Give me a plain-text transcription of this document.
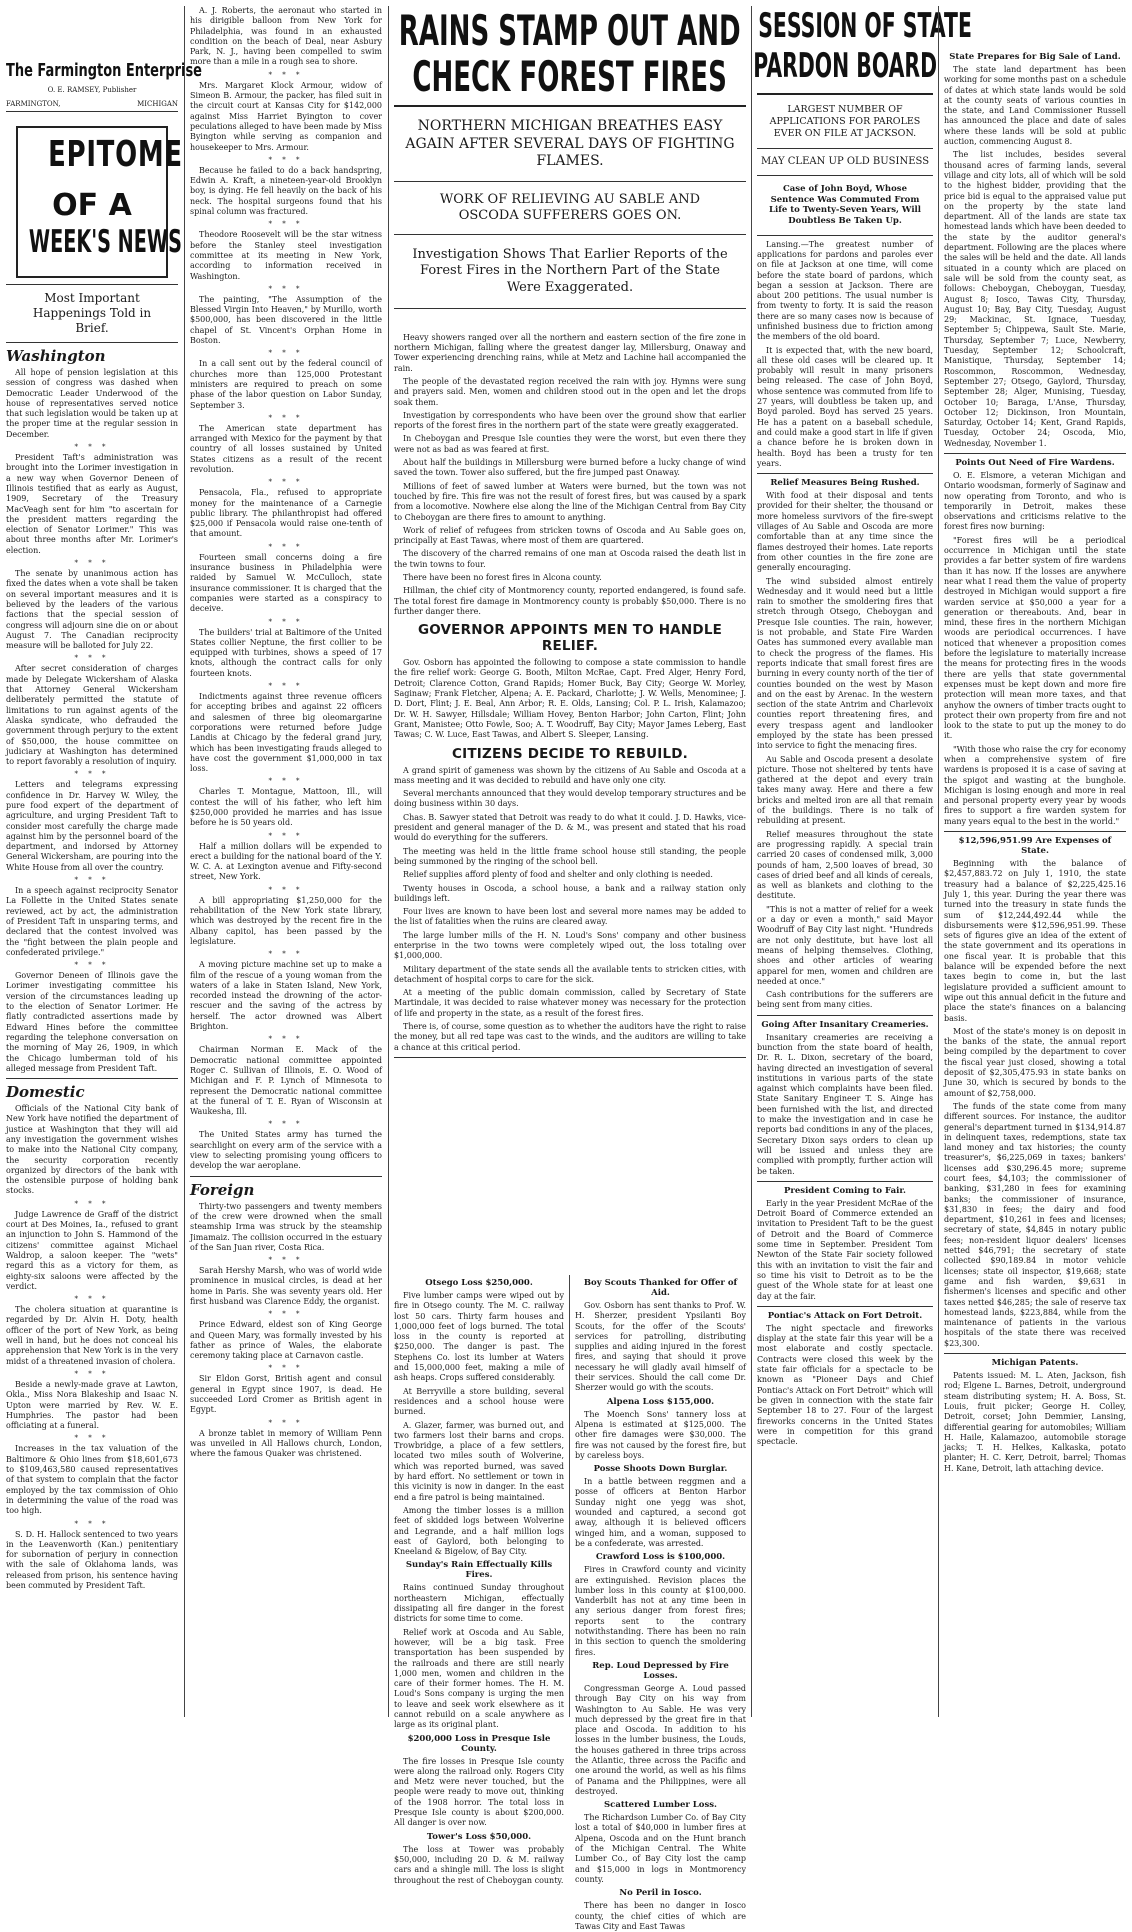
The Farmington Enterprise
O. E. RAMSEY, Publisher
FARMINGTON,	MICHIGAN
EPITOME
OF A
WEEK'S NEWS
Most Important Happenings Told in Brief.
Washington

All hope of pension legislation at this session of congress was dashed when Democratic Leader Underwood of the house of representatives served notice that such legislation would be taken up at the proper time at the regular session in December.

* * *

President Taft's administration was brought into the Lorimer investigation in a new way when Governor Deneen of Illinois testified that as early as August, 1909, Secretary of the Treasury MacVeagh sent for him "to ascertain for the president matters regarding the election of Senator Lorimer." This was about three months after Mr. Lorimer's election.

* * *

The senate by unanimous action has fixed the dates when a vote shall be taken on several important measures and it is believed by the leaders of the various factions that the special session of congress will adjourn sine die on or about August 7. The Canadian reciprocity measure will be balloted for July 22.

* * *

After secret consideration of charges made by Delegate Wickersham of Alaska that Attorney General Wickersham deliberately permitted the statute of limitations to run against agents of the Alaska syndicate, who defrauded the government through perjury to the extent of $50,000, the house committee on judiciary at Washington has determined to report favorably a resolution of inquiry.

* * *

Letters and telegrams expressing confidence in Dr. Harvey W. Wiley, the pure food expert of the department of agriculture, and urging President Taft to consider most carefully the charge made against him by the personnel board of the department, and indorsed by Attorney General Wickersham, are pouring into the White House from all over the country.

* * *

In a speech against reciprocity Senator La Follette in the United States senate reviewed, act by act, the administration of President Taft in unsparing terms, and declared that the contest involved was the "fight between the plain people and confederated privilege."

* * *

Governor Deneen of Illinois gave the Lorimer investigating committee his version of the circumstances leading up to the election of Senator Lorimer. He flatly contradicted assertions made by Edward Hines before the committee regarding the telephone conversation on the morning of May 26, 1909, in which the Chicago lumberman told of his alleged message from President Taft.

Domestic

Officials of the National City bank of New York have notified the department of justice at Washington that they will aid any investigation the government wishes to make into the National City company, the security corporation recently organized by directors of the bank with the ostensible purpose of holding bank stocks.

* * *

Judge Lawrence de Graff of the district court at Des Moines, Ia., refused to grant an injunction to John S. Hammond of the citizens' committee against Michael Waldrop, a saloon keeper. The "wets" regard this as a victory for them, as eighty-six saloons were affected by the verdict.

* * *

The cholera situation at quarantine is regarded by Dr. Alvin H. Doty, health officer of the port of New York, as being well in hand, but he does not conceal his apprehension that New York is in the very midst of a threatened invasion of cholera.

* * *

Beside a newly-made grave at Lawton, Okla., Miss Nora Blakeship and Isaac N. Upton were married by Rev. W. E. Humphries. The pastor had been officiating at a funeral.

* * *

Increases in the tax valuation of the Baltimore & Ohio lines from $18,601,673 to $109,463,580 caused representatives of that system to complain that the factor employed by the tax commission of Ohio in determining the value of the road was too high.

* * *

S. D. H. Hallock sentenced to two years in the Leavenworth (Kan.) penitentiary for subornation of perjury in connection with the sale of Oklahoma lands, was released from prison, his sentence having been commuted by President Taft.

A. J. Roberts, the aeronaut who started in his dirigible balloon from New York for Philadelphia, was found in an exhausted condition on the beach of Deal, near Asbury Park, N. J., having been compelled to swim more than a mile in a rough sea to shore.

* * *

Mrs. Margaret Klock Armour, widow of Simeon B. Armour, the packer, has filed suit in the circuit court at Kansas City for $142,000 against Miss Harriet Byington to cover peculations alleged to have been made by Miss Byington while serving as companion and housekeeper to Mrs. Armour.

* * *

Because he failed to do a back handspring, Edwin A. Kraft, a nineteen-year-old Brooklyn boy, is dying. He fell heavily on the back of his neck. The hospital surgeons found that his spinal column was fractured.

* * *

Theodore Roosevelt will be the star witness before the Stanley steel investigation committee at its meeting in New York, according to information received in Washington.

* * *

The painting, "The Assumption of the Blessed Virgin Into Heaven," by Murillo, worth $500,000, has been discovered in the little chapel of St. Vincent's Orphan Home in Boston.

* * *

In a call sent out by the federal council of churches more than 125,000 Protestant ministers are required to preach on some phase of the labor question on Labor Sunday, September 3.

* * *

The American state department has arranged with Mexico for the payment by that country of all losses sustained by United States citizens as a result of the recent revolution.

* * *

Pensacola, Fla., refused to appropriate money for the maintenance of a Carnegie public library. The philanthropist had offered $25,000 if Pensacola would raise one-tenth of that amount.

* * *

Fourteen small concerns doing a fire insurance business in Philadelphia were raided by Samuel W. McCulloch, state insurance commissioner. It is charged that the companies were started as a conspiracy to deceive.

* * *

The builders' trial at Baltimore of the United States collier Neptune, the first collier to be equipped with turbines, shows a speed of 17 knots, although the contract calls for only fourteen knots.

* * *

Indictments against three revenue officers for accepting bribes and against 22 officers and salesmen of three big oleomargarine corporations were returned before Judge Landis at Chicago by the federal grand jury, which has been investigating frauds alleged to have cost the government $1,000,000 in tax loss.

* * *

Charles T. Montague, Mattoon, Ill., will contest the will of his father, who left him $250,000 provided he marries and has issue before he is 50 years old.

* * *

Half a million dollars will be expended to erect a building for the national board of the Y. W. C. A. at Lexington avenue and Fifty-second street, New York.

* * *

A bill appropriating $1,250,000 for the rehabilitation of the New York state library, which was destroyed by the recent fire in the Albany capitol, has been passed by the legislature.

* * *

A moving picture machine set up to make a film of the rescue of a young woman from the waters of a lake in Staten Island, New York, recorded instead the drowning of the actor-rescuer and the saving of the actress by herself. The actor drowned was Albert Brighton.

* * *

Chairman Norman E. Mack of the Democratic national committee appointed Roger C. Sullivan of Illinois, E. O. Wood of Michigan and F. P. Lynch of Minnesota to represent the Democratic national committee at the funeral of T. E. Ryan of Wisconsin at Waukesha, Ill.

* * *

The United States army has turned the searchlight on every arm of the service with a view to selecting promising young officers to develop the war aeroplane.

Foreign

Thirty-two passengers and twenty members of the crew were drowned when the small steamship Irma was struck by the steamship Jimamaiz. The collision occurred in the estuary of the San Juan river, Costa Rica.

* * *

Sarah Hershy Marsh, who was of world wide prominence in musical circles, is dead at her home in Paris. She was seventy years old. Her first husband was Clarence Eddy, the organist.

* * *

Prince Edward, eldest son of King George and Queen Mary, was formally invested by his father as prince of Wales, the elaborate ceremony taking place at Carnavon castle.

* * *

Sir Eldon Gorst, British agent and consul general in Egypt since 1907, is dead. He succeeded Lord Cromer as British agent in Egypt.

* * *

A bronze tablet in memory of William Penn was unveiled in All Hallows church, London, where the famous Quaker was christened.

RAINS STAMP OUT AND
CHECK FOREST FIRES
NORTHERN MICHIGAN BREATHES EASY AGAIN AFTER SEVERAL DAYS OF FIGHTING FLAMES.
WORK OF RELIEVING AU SABLE AND OSCODA SUFFERERS GOES ON.
Investigation Shows That Earlier Reports of the Forest Fires in the Northern Part of the State Were Exaggerated.

Heavy showers ranged over all the northern and eastern section of the fire zone in northern Michigan, falling where the greatest danger lay, Millersburg, Onaway and Tower experiencing drenching rains, while at Metz and Lachine hail accompanied the rain.

The people of the devastated region received the rain with joy. Hymns were sung and prayers said. Men, women and children stood out in the open and let the drops soak them.

Investigation by correspondents who have been over the ground show that earlier reports of the forest fires in the northern part of the state were greatly exaggerated.

In Cheboygan and Presque Isle counties they were the worst, but even there they were not as bad as was feared at first.

About half the buildings in Millersburg were burned before a lucky change of wind saved the town. Tower also suffered, but the fire jumped past Onaway.

Millions of feet of sawed lumber at Waters were burned, but the town was not touched by fire. This fire was not the result of forest fires, but was caused by a spark from a locomotive. Nowhere else along the line of the Michigan Central from Bay City to Cheboygan are there fires to amount to anything.

Work of relief of refugees from stricken towns of Oscoda and Au Sable goes on, principally at East Tawas, where most of them are quartered.

The discovery of the charred remains of one man at Oscoda raised the death list in the twin towns to four.

There have been no forest fires in Alcona county.

Hillman, the chief city of Montmorency county, reported endangered, is found safe. The total forest fire damage in Montmorency county is probably $50,000. There is no further danger there.

GOVERNOR APPOINTS MEN TO HANDLE RELIEF.

Gov. Osborn has appointed the following to compose a state commission to handle the fire relief work: George G. Booth, Milton McRae, Capt. Fred Alger, Henry Ford, Detroit; Clarence Cotton, Grand Rapids; Homer Buck, Bay City; George W. Morley, Saginaw; Frank Fletcher, Alpena; A. E. Packard, Charlotte; J. W. Wells, Menominee; J. D. Dort, Flint; J. E. Beal, Ann Arbor; R. E. Olds, Lansing; Col. P. L. Irish, Kalamazoo; Dr. W. H. Sawyer, Hillsdale; William Hovey, Benton Harbor; John Carton, Flint; John Grant, Manistee; Otto Fowle, Soo; A. T. Woodruff, Bay City; Mayor James Leberg, East Tawas; C. W. Luce, East Tawas, and Albert S. Sleeper, Lansing.

CITIZENS DECIDE TO REBUILD.

A grand spirit of gameness was shown by the citizens of Au Sable and Oscoda at a mass meeting and it was decided to rebuild and have only one city.

Several merchants announced that they would develop temporary structures and be doing business within 30 days.

Chas. B. Sawyer stated that Detroit was ready to do what it could. J. D. Hawks, vice-president and general manager of the D. & M., was present and stated that his road would do everything for the sufferers.

The meeting was held in the little frame school house still standing, the people being summoned by the ringing of the school bell.

Relief supplies afford plenty of food and shelter and only clothing is needed.

Twenty houses in Oscoda, a school house, a bank and a railway station only buildings left.

Four lives are known to have been lost and several more names may be added to the list of fatalities when the ruins are cleared away.

The large lumber mills of the H. N. Loud's Sons' company and other business enterprise in the two towns were completely wiped out, the loss totaling over $1,000,000.

Military department of the state sends all the available tents to stricken cities, with detachment of hospital corps to care for the sick.

At a meeting of the public domain commission, called by Secretary of State Martindale, it was decided to raise whatever money was necessary for the protection of life and property in the state, as a result of the forest fires.

There is, of course, some question as to whether the auditors have the right to raise the money, but all red tape was cast to the winds, and the auditors are willing to take a chance at this critical period.

Otsego Loss $250,000.

Five lumber camps were wiped out by fire in Otsego county. The M. C. railway lost 50 cars. Thirty farm houses and 1,000,000 feet of logs burned. The total loss in the county is reported at $250,000. The danger is past. The Stephens Co. lost its lumber at Waters and 15,000,000 feet, making a mile of ash heaps. Crops suffered considerably.

At Berryville a store building, several residences and a school house were burned.

A. Glazer, farmer, was burned out, and two farmers lost their barns and crops. Trowbridge, a place of a few settlers, located two miles south of Wolverine, which was reported burned, was saved by hard effort. No settlement or town in this vicinity is now in danger. In the east end a fire patrol is being maintained.

Among the timber losses is a million feet of skidded logs between Wolverine and Legrande, and a half million logs east of Gaylord, both belonging to Kneeland & Bigelow, of Bay City.

Sunday's Rain Effectually Kills Fires.

Rains continued Sunday throughout northeastern Michigan, effectually dissipating all fire danger in the forest districts for some time to come.

Relief work at Oscoda and Au Sable, however, will be a big task. Free transportation has been suspended by the railroads and there are still nearly 1,000 men, women and children in the care of their former homes. The H. M. Loud's Sons company is urging the men to leave and seek work elsewhere as it cannot rebuild on a scale anywhere as large as its original plant.

$200,000 Loss in Presque Isle County.

The fire losses in Presque Isle county were along the railroad only. Rogers City and Metz were never touched, but the people were ready to move out, thinking of the 1908 horror. The total loss in Presque Isle county is about $200,000. All danger is over now.

Tower's Loss $50,000.

The loss at Tower was probably $50,000, including 20 D. & M. railway cars and a shingle mill. The loss is slight throughout the rest of Cheboygan county.

Boy Scouts Thanked for Offer of Aid.

Gov. Osborn has sent thanks to Prof. W. H. Sherzer, president Ypsilanti Boy Scouts, for the offer of the Scouts' services for patrolling, distributing supplies and aiding injured in the forest fires, and saying that should it prove necessary he will gladly avail himself of their services. Should the call come Dr. Sherzer would go with the scouts.

Alpena Loss $155,000.

The Moench Sons' tannery loss at Alpena is estimated at $125,000. The other fire damages were $30,000. The fire was not caused by the forest fire, but by careless boys.

Posse Shoots Down Burglar.

In a battle between reggmen and a posse of officers at Benton Harbor Sunday night one yegg was shot, wounded and captured, a second got away, although it is believed officers winged him, and a woman, supposed to be a confederate, was arrested.

Crawford Loss is $100,000.

Fires in Crawford county and vicinity are extinguished. Revision places the lumber loss in this county at $100,000. Vanderbilt has not at any time been in any serious danger from forest fires; reports sent to the contrary notwithstanding. There has been no rain in this section to quench the smoldering fires.

Rep. Loud Depressed by Fire Losses.

Congressman George A. Loud passed through Bay City on his way from Washington to Au Sable. He was very much depressed by the great fire in that place and Oscoda. In addition to his losses in the lumber business, the Louds, the houses gathered in three trips across the Atlantic, three across the Pacific and one around the world, as well as his films of Panama and the Philippines, were all destroyed.

Scattered Lumber Loss.

The Richardson Lumber Co. of Bay City lost a total of $40,000 in lumber fires at Alpena, Oscoda and on the Hunt branch of the Michigan Central. The White Lumber Co., of Bay City lost the camp and $15,000 in logs in Montmorency county.

No Peril in Iosco.

There has been no danger in Iosco county, the chief cities of which are Tawas City and East Tawas

SESSION OF STATE
PARDON BOARD
LARGEST NUMBER OF APPLICATIONS FOR PAROLES EVER ON FILE AT JACKSON.
MAY CLEAN UP OLD BUSINESS
Case of John Boyd, Whose Sentence Was Commuted From Life to Twenty-Seven Years, Will Doubtless Be Taken Up.

Lansing.—The greatest number of applications for pardons and paroles ever on file at Jackson at one time, will come before the state board of pardons, which began a session at Jackson. There are about 200 petitions. The usual number is from twenty to forty. It is said the reason there are so many cases now is because of unfinished business due to friction among the members of the old board.

It is expected that, with the new board, all these old cases will be cleared up. It probably will result in many prisoners being released. The case of John Boyd, whose sentence was commuted from life to 27 years, will doubtless be taken up, and Boyd paroled. Boyd has served 25 years. He has a patent on a baseball schedule, and could make a good start in life if given a chance before he is broken down in health. Boyd has been a trusty for ten years.

Relief Measures Being Rushed.

With food at their disposal and tents provided for their shelter, the thousand or more homeless survivors of the fire-swept villages of Au Sable and Oscoda are more comfortable than at any time since the flames destroyed their homes. Late reports from other counties in the fire zone are generally encouraging.

The wind subsided almost entirely Wednesday and it would need but a little rain to smother the smoldering fires that stretch through Otsego, Cheboygan and Presque Isle counties. The rain, however, is not probable, and State Fire Warden Oates has summoned every available man to check the progress of the flames. His reports indicate that small forest fires are burning in every county north of the tier of counties bounded on the west by Mason and on the east by Arenac. In the western section of the state Antrim and Charlevoix counties report threatening fires, and every trespass agent and landlooker employed by the state has been pressed into service to fight the menacing fires.

Au Sable and Oscoda present a desolate picture. Those not sheltered by tents have gathered at the depot and every train takes many away. Here and there a few bricks and melted iron are all that remain of the buildings. There is no talk of rebuilding at present.

Relief measures throughout the state are progressing rapidly. A special train carried 20 cases of condensed milk, 3,000 pounds of ham, 2,500 loaves of bread, 30 cases of dried beef and all kinds of cereals, as well as blankets and clothing to the destitute.

"This is not a matter of relief for a week or a day or even a month," said Mayor Woodruff of Bay City last night. "Hundreds are not only destitute, but have lost all means of helping themselves. Clothing, shoes and other articles of wearing apparel for men, women and children are needed at once."

Cash contributions for the sufferers are being sent from many cities.

Going After Insanitary Creameries.

Insanitary creameries are receiving a bunction from the state board of health, Dr. R. L. Dixon, secretary of the board, having directed an investigation of several institutions in various parts of the state against which complaints have been filed. State Sanitary Engineer T. S. Ainge has been furnished with the list, and directed to make the investigation and in case he reports bad conditions in any of the places, Secretary Dixon says orders to clean up will be issued and unless they are complied with promptly, further action will be taken.

President Coming to Fair.

Early in the year President McRae of the Detroit Board of Commerce extended an invitation to President Taft to be the guest of Detroit and the Board of Commerce some time in September. President Tom Newton of the State Fair society followed this with an invitation to visit the fair and so time his visit to Detroit as to be the guest of the Whole state for at least one day at the fair.

Pontiac's Attack on Fort Detroit.

The night spectacle and fireworks display at the state fair this year will be a most elaborate and costly spectacle. Contracts were closed this week by the state fair officials for a spectacle to be known as "Pioneer Days and Chief Pontiac's Attack on Fort Detroit" which will be given in connection with the state fair September 18 to 27. Four of the largest fireworks concerns in the United States were in competition for this grand spectacle.

State Prepares for Big Sale of Land.

The state land department has been working for some months past on a schedule of dates at which state lands would be sold at the county seats of various counties in the state, and Land Commissioner Russell has announced the place and date of sales where these lands will be sold at public auction, commencing August 8.

The list includes, besides several thousand acres of farming lands, several village and city lots, all of which will be sold to the highest bidder, providing that the price bid is equal to the appraised value put on the property by the state land department. All of the lands are state tax homestead lands which have been deeded to the state by the auditor general's department. Following are the places where the sales will be held and the date. All lands situated in a county which are placed on sale will be sold from the county seat, as follows: Cheboygan, Cheboygan, Tuesday, August 8; Iosco, Tawas City, Thursday, August 10; Bay, Bay City, Tuesday, August 29; Mackinac, St. Ignace, Tuesday, September 5; Chippewa, Sault Ste. Marie, Thursday, September 7; Luce, Newberry, Tuesday, September 12; Schoolcraft, Manistique, Thursday, September 14; Roscommon, Roscommon, Wednesday, September 27; Otsego, Gaylord, Thursday, September 28; Alger, Munising, Tuesday, October 10; Baraga, L'Anse, Thursday, October 12; Dickinson, Iron Mountain, Saturday, October 14; Kent, Grand Rapids, Tuesday, October 24; Oscoda, Mio, Wednesday, November 1.

Points Out Need of Fire Wardens.

O. E. Elsmore, a veteran Michigan and Ontario woodsman, formerly of Saginaw and now operating from Toronto, and who is temporarily in Detroit, makes these observations and criticisms relative to the forest fires now burning:

"Forest fires will be a periodical occurrence in Michigan until the state provides a far better system of fire wardens than it has now. If the losses are anywhere near what I read them the value of property destroyed in Michigan would support a fire warden service at $50,000 a year for a generation or thereabouts. And, bear in mind, these fires in the northern Michigan woods are periodical occurrences. I have noticed that whenever a proposition comes before the legislature to materially increase the means for protecting fires in the woods there are yells that state governmental expenses must be kept down and more fire protection will mean more taxes, and that anyhow the owners of timber tracts ought to protect their own property from fire and not look to the state to put up the money to do it.

"With those who raise the cry for economy when a comprehensive system of fire wardens is proposed it is a case of saving at the spigot and wasting at the bunghole. Michigan is losing enough and more in real and personal property every year by woods fires to support a fire warden system for many years equal to the best in the world."

$12,596,951.99 Are Expenses of State.

Beginning with the balance of $2,457,883.72 on July 1, 1910, the state treasury had a balance of $2,225,425.16 July 1, this year. During the year there was turned into the treasury in state funds the sum of $12,244,492.44 while the disbursements were $12,596,951.99. These sets of figures give an idea of the extent of the state government and its operations in one fiscal year. It is probable that this balance will be expended before the next taxes begin to come in, but the last legislature provided a sufficient amount to wipe out this annual deficit in the future and place the state's finances on a balancing basis.

Most of the state's money is on deposit in the banks of the state, the annual report being compiled by the department to cover the fiscal year just closed, showing a total deposit of $2,305,475.93 in state banks on June 30, which is secured by bonds to the amount of $2,758,000.

The funds of the state come from many different sources. For instance, the auditor general's department turned in $134,914.87 in delinquent taxes, redemptions, state tax land money and tax histories; the county treasurer's, $6,225,069 in taxes; bankers' licenses add $30,296.45 more; supreme court fees, $4,103; the commissioner of banking, $31,280 in fees for examining banks; the commissioner of insurance, $31,830 in fees; the dairy and food department, $10,261 in fees and licenses; secretary of state, $4,845 in notary public fees; non-resident liquor dealers' licenses netted $46,791; the secretary of state collected $90,189.84 in motor vehicle licenses; state oil inspector, $19,668; state game and fish warden, $9,631 in fishermen's licenses and specific and other taxes netted $46,285; the sale of reserve tax homestead lands, $223,884, while from the maintenance of patients in the various hospitals of the state there was received $23,300.

Michigan Patents.

Patents issued: M. L. Aten, Jackson, fish rod; Elgene L. Barnes, Detroit, underground steam distributing system; H. A. Boss, St. Louis, fruit picker; George H. Colley, Detroit, corset; John Demmier, Lansing, differential gearing for automobiles; William H. Haile, Kalamazoo, automobile storage jacks; T. H. Helkes, Kalkaska, potato planter; H. C. Kerr, Detroit, barrel; Thomas H. Kane, Detroit, lath attaching device.
